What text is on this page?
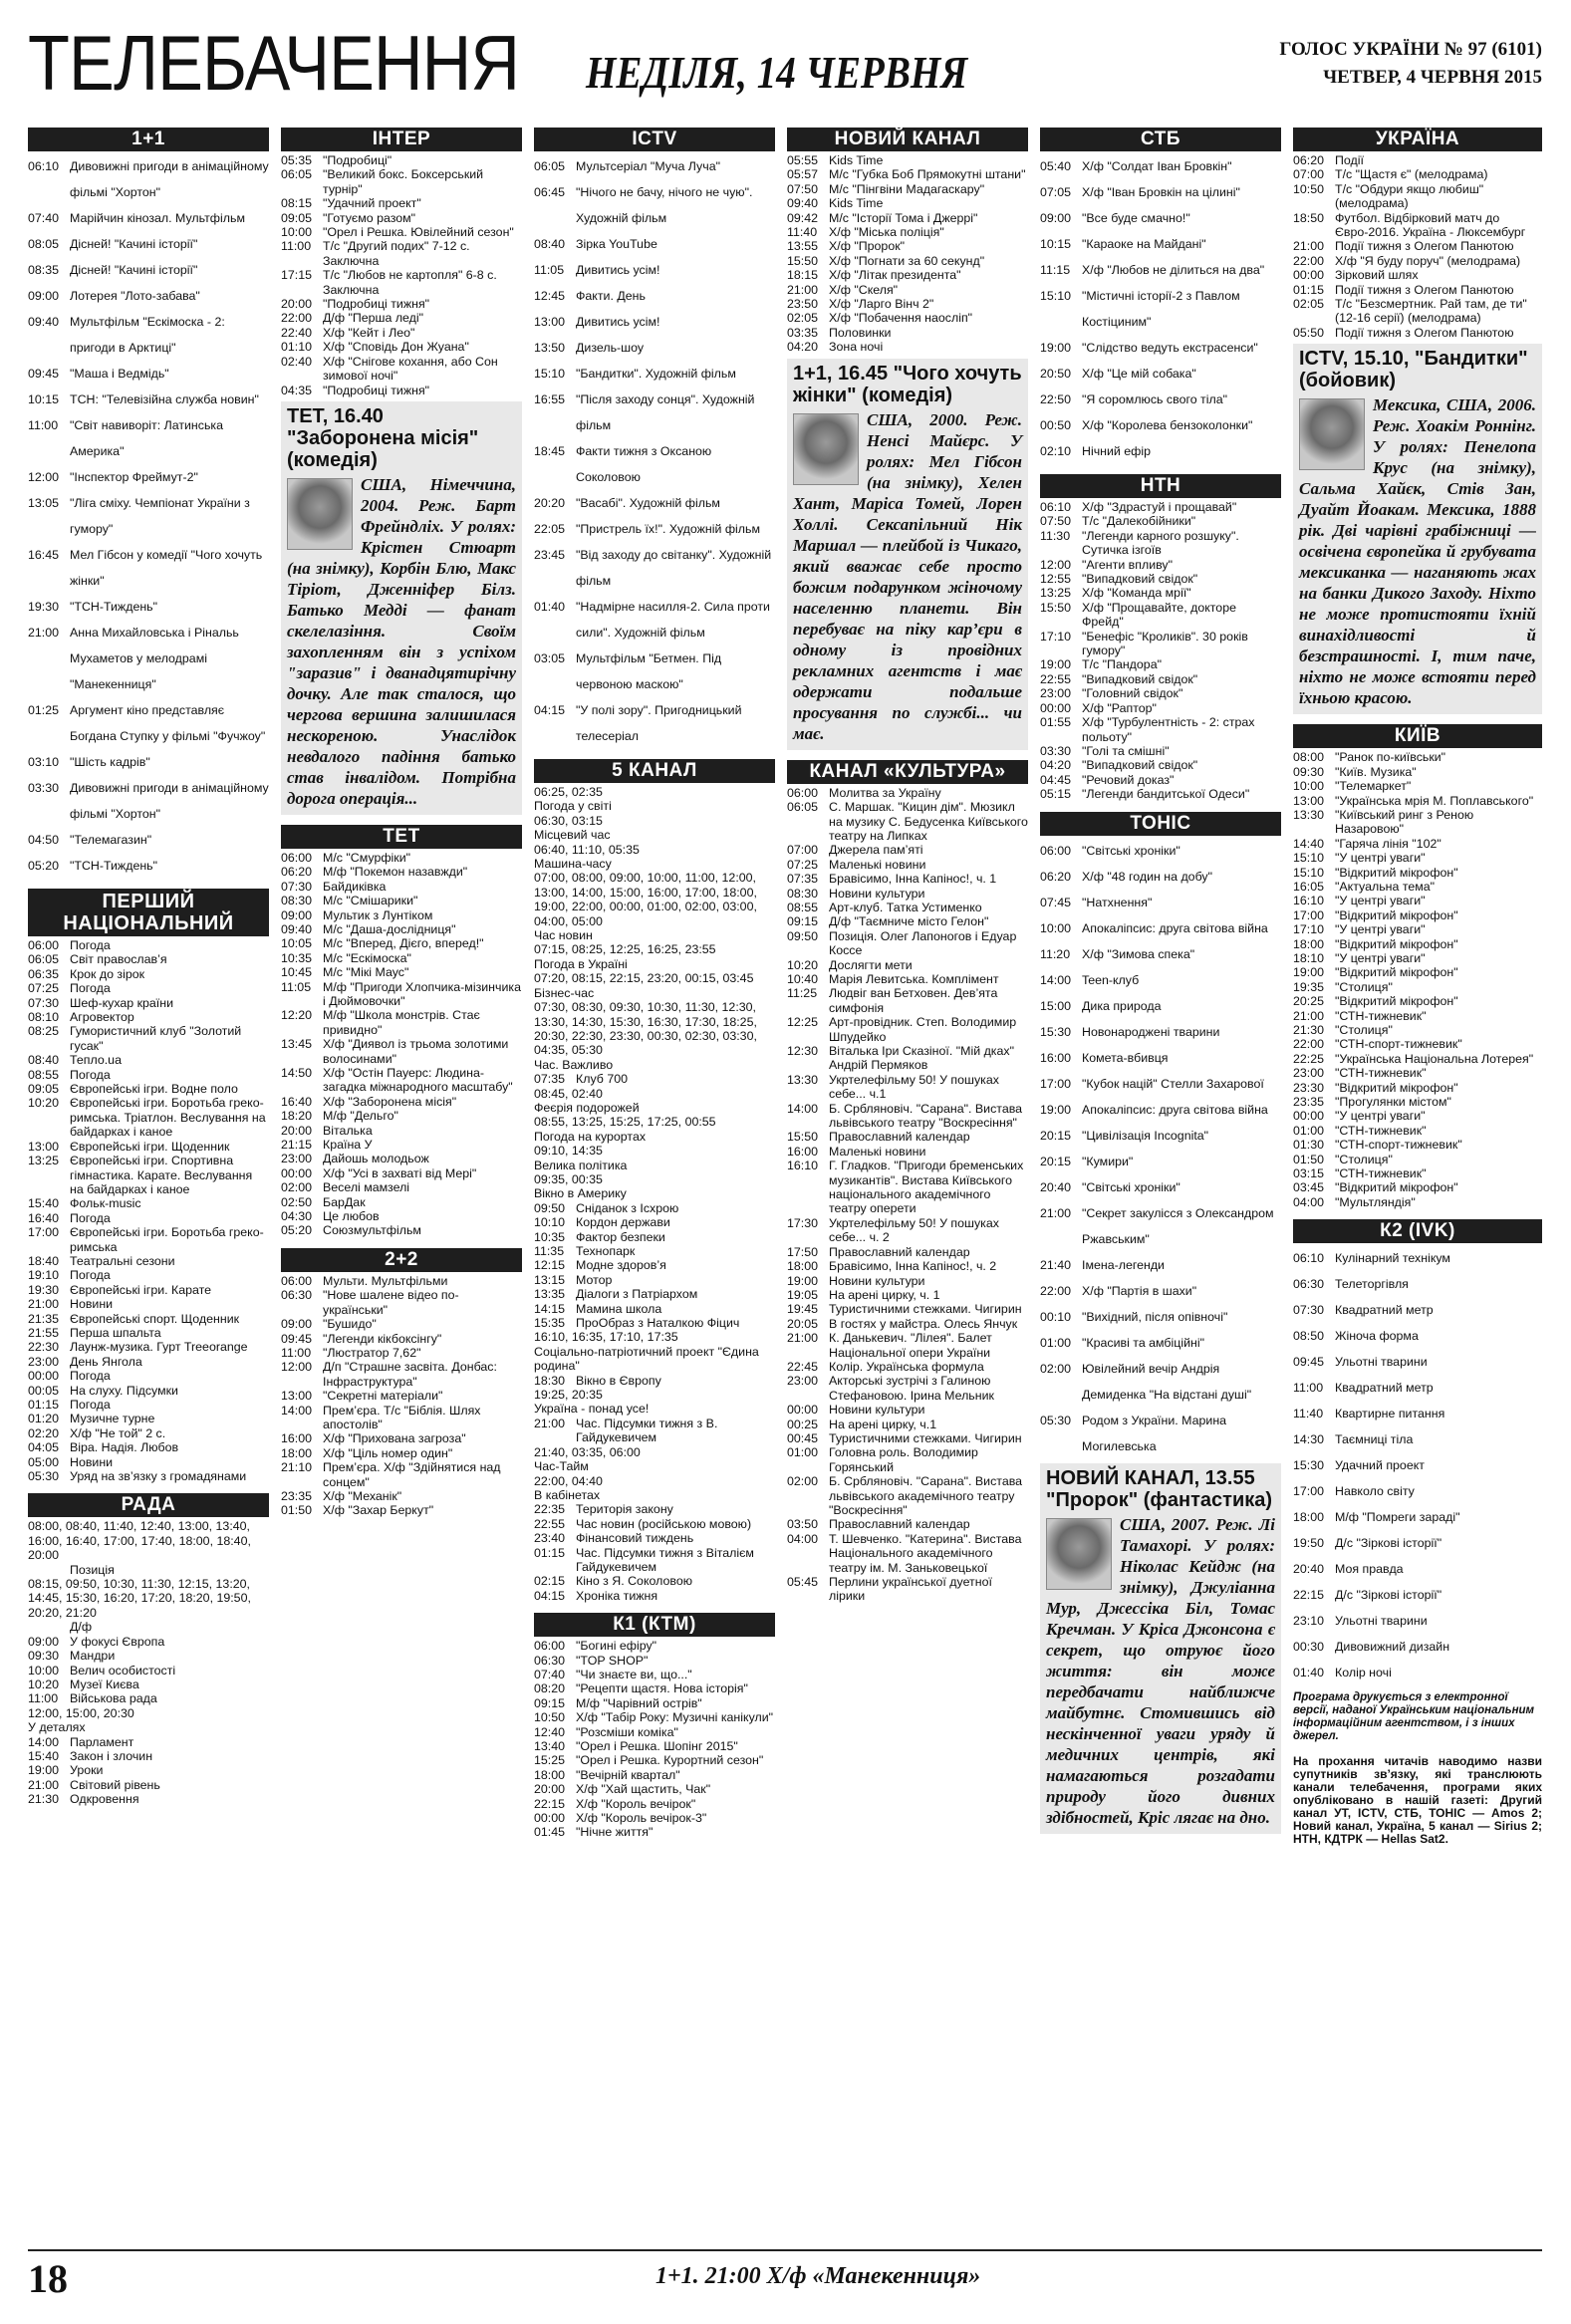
ТЕЛЕБАЧЕННЯ НЕДІЛЯ, 14 ЧЕРВНЯ	ГОЛОС УКРАЇНИ № 97 (6101)
ЧЕТВЕР, 4 ЧЕРВНЯ 2015
1+1
06:10 Дивовижні пригоди в анімаційному фільмі "Хортон"
07:40 Марійчин кінозал. Мультфільм
08:05 Дісней! "Качині історії"
08:35 Дісней! "Качині історії"
09:00 Лотерея "Лото-забава"
09:40 Мультфільм "Ескімоска - 2: пригоди в Арктиці"
09:45 "Маша і Ведмідь"
10:15 ТСН: "Телевізійна служба новин"
11:00 "Світ навиворіт: Латинська Америка"
12:00 "Інспектор Фреймут-2"
13:05 "Ліга сміху. Чемпіонат України з гумору"
16:45 Мел Гібсон у комедії "Чого хочуть жінки"
19:30 "ТСН-Тиждень"
21:00 Анна Михайловська і Рінальь Мухаметов у мелодрамі "Манекенниця"
01:25 Аргумент кіно представляє Богдана Ступку у фільмі "Фучжоу"
03:10 "Шість кадрів"
03:30 Дивовижні пригоди в анімаційному фільмі "Хортон"
04:50 "Телемагазин"
05:20 "ТСН-Тиждень"
ПЕРШИЙ НАЦІОНАЛЬНИЙ
06:00 Погода
06:05 Світ православ’я
06:35 Крок до зірок
07:25 Погода
07:30 Шеф-кухар країни
08:10 Агровектор
08:25 Гумористичний клуб "Золотий гусак"
08:40 Тепло.ua
08:55 Погода
09:05 Європейські ігри. Водне поло
10:20 Європейські ігри. Боротьба греко-римська. Тріатлон. Веслування на байдарках і каное
13:00 Європейські ігри. Щоденник
13:25 Європейські ігри. Спортивна гімнастика. Карате. Веслування на байдарках і каное
15:40 Фольк-music
16:40 Погода
17:00 Європейські ігри. Боротьба греко-римська
18:40 Театральні сезони
19:10 Погода
19:30 Європейські ігри. Карате
21:00 Новини
21:35 Європейські спорт. Щоденник
21:55 Перша шпальта
22:30 Лаунж-музика. Гурт Treeorange
23:00 День Янгола
00:00 Погода
00:05 На слуху. Підсумки
01:15 Погода
01:20 Музичне турне
02:20 Х/ф "Не той" 2 с.
04:05 Віра. Надія. Любов
05:00 Новини
05:30 Уряд на зв’язку з громадянами
РАДА
08:00, 08:40, 11:40, 12:40, 13:00, 13:40, 16:00, 16:40, 17:00, 17:40, 18:00, 18:40, 20:00
Позиція
08:15, 09:50, 10:30, 11:30, 12:15, 13:20, 14:45, 15:30, 16:20, 17:20, 18:20, 19:50, 20:20, 21:20
Д/ф
09:00 У фокусі Європа
09:30 Мандри
10:00 Велич особистості
10:20 Музеї Києва
11:00 Військова рада
12:00, 15:00, 20:30
У деталях
14:00 Парламент
15:40 Закон і злочин
19:00 Уроки
21:00 Світовий рівень
21:30 Одкровення
ІНТЕР
05:35 "Подробиці"
06:05 "Великий бокс. Боксерський турнір"
08:15 "Удачний проект"
09:05 "Готуємо разом"
10:00 "Орел і Решка. Ювілейний сезон"
11:00 Т/с "Другий подих" 7-12 с. Заключна
17:15 Т/с "Любов не картопля" 6-8 с. Заключна
20:00 "Подробиці тижня"
22:00 Д/ф "Перша леді"
22:40 Х/ф "Кейт і Лео"
01:10 Х/ф "Сповідь Дон Жуана"
02:40 Х/ф "Снігове кохання, або Сон зимової ночі"
04:35 "Подробиці тижня"
ТЕТ, 16.40 "Заборонена місія" (комедія)
США, Німеччина, 2004. Реж. Барт Фрейндліх. У ролях: Крістен Стюарт (на знімку), Корбін Блю, Макс Тіріот, Дженніфер Білз. Батько Медді — фанат скелелазіння. Своїм захопленням він з успіхом "заразив" і дванадцятирічну дочку. Але так сталося, що чергова вершина залишилася нескореною. Унаслідок невдалого падіння батько став інвалідом. Потрібна дорога операція...
ТЕТ
06:00 М/с "Смурфіки"
06:20 М/ф "Покемон назавжди"
07:30 Байдиківка
08:30 М/с "Смішарики"
09:00 Мультик з Лунтіком
09:40 М/с "Даша-дослідниця"
10:05 М/с "Вперед, Дієго, вперед!"
10:35 М/с "Ескімоска"
10:45 М/с "Мікі Маус"
11:05 М/ф "Пригоди Хлопчика-мізинчика і Дюймовочки"
12:20 М/ф "Школа монстрів. Стає привидно"
13:45 Х/ф "Диявол із трьома золотими волосинами"
14:50 Х/ф "Остін Пауерс: Людина-загадка міжнародного масштабу"
16:40 Х/ф "Заборонена місія"
18:20 М/ф "Дельго"
20:00 Віталька
21:15 Країна У
23:00 Дайошь молодьож
00:00 Х/ф "Усі в захваті від Мері"
02:00 Веселі мамзелі
02:50 БарДак
04:30 Це любов
05:20 Союзмультфільм
2+2
06:00 Мульти. Мультфільми
06:30 "Нове шалене відео по-українськи"
09:00 "Бушидо"
09:45 "Легенди кікбоксінгу"
11:00 "Люстратор 7,62"
12:00 Д/п "Страшне засвіта. Донбас: Інфраструктура"
13:00 "Секретні матеріали"
14:00 Прем’єра. Т/с "Біблія. Шлях апостолів"
16:00 Х/ф "Прихована загроза"
18:00 Х/ф "Ціль номер один"
21:10 Прем’єра. Х/ф "Здійнятися над сонцем"
23:35 Х/ф "Механік"
01:50 Х/ф "Захар Беркут"
ICTV
06:05 Мультсеріал "Муча Луча"
06:45 "Нічого не бачу, нічого не чую". Художній фільм
08:40 Зірка YouTube
11:05 Дивитись усім!
12:45 Факти. День
13:00 Дивитись усім!
13:50 Дизель-шоу
15:10 "Бандитки". Художній фільм
16:55 "Після заходу сонця". Художній фільм
18:45 Факти тижня з Оксаною Соколовою
20:20 "Васабі". Художній фільм
22:05 "Пристрель їх!". Художній фільм
23:45 "Від заходу до світанку". Художній фільм
01:40 "Надмірне насилля-2. Сила проти сили". Художній фільм
03:05 Мультфільм "Бетмен. Під червоною маскою"
04:15 "У полі зору". Пригодницький телесеріал
5 КАНАЛ
06:25, 02:35
Погода у світі
06:30, 03:15
Місцевий час
06:40, 11:10, 05:35
Машина-часу
07:00, 08:00, 09:00, 10:00, 11:00, 12:00, 13:00, 14:00, 15:00, 16:00, 17:00, 18:00, 19:00, 22:00, 00:00, 01:00, 02:00, 03:00, 04:00, 05:00
Час новин
07:15, 08:25, 12:25, 16:25, 23:55
Погода в Україні
07:20, 08:15, 22:15, 23:20, 00:15, 03:45
Бізнес-час
07:30, 08:30, 09:30, 10:30, 11:30, 12:30, 13:30, 14:30, 15:30, 16:30, 17:30, 18:25, 20:30, 22:30, 23:30, 00:30, 02:30, 03:30, 04:35, 05:30
Час. Важливо
07:35 Клуб 700
08:45, 02:40
Феєрія подорожей
08:55, 13:25, 15:25, 17:25, 00:55
Погода на курортах
09:10, 14:35
Велика політика
09:35, 00:35
Вікно в Америку
09:50 Сніданок з Ісхрою
10:10 Кордон держави
10:35 Фактор безпеки
11:35 Технопарк
12:15 Модне здоров’я
13:15 Мотор
13:35 Діалоги з Патріархом
14:15 Мамина школа
15:35 ПроОбраз з Наталкою Фіцич
16:10, 16:35, 17:10, 17:35
Соціально-патріотичний проект "Єдина родина"
18:30 Вікно в Європу
19:25, 20:35
Україна - понад усе!
21:00 Час. Підсумки тижня з В. Гайдукевичем
21:40, 03:35, 06:00
Час-Тайм
22:00, 04:40
В кабінетах
22:35 Територія закону
22:55 Час новин (російською мовою)
23:40 Фінансовий тиждень
01:15 Час. Підсумки тижня з Віталієм Гайдукевичем
02:15 Кіно з Я. Соколовою
04:15 Хроніка тижня
К1 (КТМ)
06:00 "Богині ефіру"
06:30 "TOP SHOP"
07:40 "Чи знаєте ви, що..."
08:20 "Рецепти щастя. Нова історія"
09:15 М/ф "Чарівний острів"
10:50 Х/ф "Табір Року: Музичні канікули"
12:40 "Розсміши коміка"
13:40 "Орел і Решка. Шопінг 2015"
15:25 "Орел і Решка. Курортний сезон"
18:00 "Вечірній квартал"
20:00 Х/ф "Хай щастить, Чак"
22:15 Х/ф "Король вечірок"
00:00 Х/ф "Король вечірок-3"
01:45 "Нічне життя"
НОВИЙ КАНАЛ
05:55 Kids Time
05:57 М/с "Губка Боб Прямокутні штани"
07:50 М/с "Пінгвіни Мадагаскару"
09:40 Kids Time
09:42 М/с "Історії Тома і Джеррі"
11:40 Х/ф "Міська поліція"
13:55 Х/ф "Пророк"
15:50 Х/ф "Погнати за 60 секунд"
18:15 Х/ф "Літак президента"
21:00 Х/ф "Скеля"
23:50 Х/ф "Ларго Вінч 2"
02:05 Х/ф "Побачення наосліп"
03:35 Половинки
04:20 Зона ночі
1+1, 16.45 "Чого хочуть жінки" (комедія)
США, 2000. Реж. Ненсі Майєрс. У ролях: Мел Гібсон (на знімку), Хелен Хант, Маріса Томей, Лорен Холлі. Сексапільний Нік Маршал — плейбой із Чикаго, який вважає себе просто божим подарунком жіночому населенню планети. Він перебуває на піку кар’єри в одному із провідних рекламних агентств і має одержати подальше просування по службі... чи має.
КАНАЛ «КУЛЬТУРА»
06:00 Молитва за Україну
06:05 С. Маршак. "Кицин дім". Мюзикл на музику С. Бедусенка Київського театру на Липках
07:00 Джерела пам’яті
07:25 Маленькі новини
07:35 Бравісимо, Інна Капінос!, ч. 1
08:30 Новини культури
08:55 Арт-клуб. Татка Устименко
09:15 Д/ф "Таємниче місто Гелон"
09:50 Позиція. Олег Лапоногов і Едуар Коссе
10:20 Дослягти мети
10:40 Марія Левитська. Комплімент
11:25 Людвіг ван Бетховен. Дев’ята симфонія
12:25 Арт-провідник. Степ. Володимир Шпудейко
12:30 Віталька Іри Сказіної. "Мій дках" Андрій Пермяков
13:30 Укртелефільму 50! У пошуках себе... ч.1
14:00 Б. Србляновіч. "Сарана". Вистава львівського театру "Воскресіння"
15:50 Православний календар
16:00 Маленькі новини
16:10 Г. Гладков. "Пригоди бременських музикантів". Вистава Київського національного академічного театру оперети
17:30 Укртелефільму 50! У пошуках себе... ч. 2
17:50 Православний календар
18:00 Бравісимо, Інна Капінос!, ч. 2
19:00 Новини культури
19:05 На арені цирку, ч. 1
19:45 Туристичними стежками. Чигирин
20:05 В гостях у майстра. Олесь Янчук
21:00 К. Данькевич. "Лілея". Балет Національної опери України
22:45 Колір. Українська формула
23:00 Акторські зустрічі з Галиною Стефановою. Ірина Мельник
00:00 Новини культури
00:25 На арені цирку, ч.1
00:45 Туристичними стежками. Чигирин
01:00 Головна роль. Володимир Горянський
02:00 Б. Србляновіч. "Сарана". Вистава львівського академічного театру "Воскресіння"
03:50 Православний календар
04:00 Т. Шевченко. "Катерина". Вистава Національного академічного театру ім. М. Заньковецької
05:45 Перлини української дуетної лірики
СТБ
05:40 Х/ф "Солдат Іван Бровкін"
07:05 Х/ф "Іван Бровкін на цілині"
09:00 "Все буде смачно!"
10:15 "Караоке на Майдані"
11:15 Х/ф "Любов не ділиться на два"
15:10 "Містичні історії-2 з Павлом Костіциним"
19:00 "Слідство ведуть екстрасенси"
20:50 Х/ф "Це мій собака"
22:50 "Я соромлюсь свого тіла"
00:50 Х/ф "Королева бензоколонки"
02:10 Нічний ефір
НТН
06:10 Х/ф "Здрастуй і прощавай"
07:50 Т/с "Далекобійники"
11:30 "Легенди карного розшуку". Сутичка ізгоїв
12:00 "Агенти впливу"
12:55 "Випадковий свідок"
13:25 Х/ф "Команда мрії"
15:50 Х/ф "Прощавайте, докторе Фрейд"
17:10 "Бенефіс "Кроликів". 30 років гумору"
19:00 Т/с "Пандора"
22:55 "Випадковий свідок"
23:00 "Головний свідок"
00:00 Х/ф "Раптор"
01:55 Х/ф "Турбулентність - 2: страх польоту"
03:30 "Голі та смішні"
04:20 "Випадковий свідок"
04:45 "Речовий доказ"
05:15 "Легенди бандитської Одеси"
ТОНІС
06:00 "Світські хроніки"
06:20 Х/ф "48 годин на добу"
07:45 "Натхнення"
10:00 Апокаліпсис: друга світова війна
11:20 Х/ф "Зимова спека"
14:00 Teen-клуб
15:00 Дика природа
15:30 Новонароджені тварини
16:00 Комета-вбивця
17:00 "Кубок націй" Стелли Захарової
19:00 Апокаліпсис: друга світова війна
20:15 "Цивілізація Incognita"
20:15 "Кумири"
20:40 "Світські хроніки"
21:00 "Секрет закулісся з Олександром Ржавським"
21:40 Імена-легенди
22:00 Х/ф "Партія в шахи"
00:10 "Вихідний, після опівночі"
01:00 "Красиві та амбіційні"
02:00 Ювілейний вечір Андрія Демиденка "На відстані душі"
05:30 Родом з України. Марина Могилевська
НОВИЙ КАНАЛ, 13.55 "Пророк" (фантастика)
США, 2007. Реж. Лі Тамахорі. У ролях: Ніколас Кейдж (на знімку), Джуліанна Мур, Джессіка Біл, Томас Кречман. У Кріса Джонсона є секрет, що отруює його життя: він може передбачати найближче майбутнє. Стомившись від нескінченної уваги уряду й медичних центрів, які намагаються розгадати природу його дивних здібностей, Кріс лягає на дно.
УКРАЇНА
06:20 Події
07:00 Т/с "Щастя є" (мелодрама)
10:50 Т/с "Обдури якщо любиш" (мелодрама)
18:50 Футбол. Відбірковий матч до Євро-2016. Україна - Люксембург
21:00 Події тижня з Олегом Панютою
22:00 Х/ф "Я буду поруч" (мелодрама)
00:00 Зірковий шлях
01:15 Події тижня з Олегом Панютою
02:05 Т/с "Безсмертник. Рай там, де ти" (12-16 серії) (мелодрама)
05:50 Події тижня з Олегом Панютою
ICTV, 15.10, "Бандитки" (бойовик)
Мексика, США, 2006. Реж. Хоакім Роннінг. У ролях: Пенелопа Крус (на знімку), Сальма Хайєк, Стів Зан, Дуайт Йоакам. Мексика, 1888 рік. Дві чарівні грабіжниці — освічена європейка й грубувата мексиканка — наганяють жах на банки Дикого Заходу. Ніхто не може протистояти їхній винахідливості й безстрашності. І, тим паче, ніхто не може встояти перед їхньою красою.
КИЇВ
08:00 "Ранок по-київськи"
09:30 "Київ. Музика"
10:00 "Телемаркет"
13:00 "Українська мрія М. Поплавського"
13:30 "Київський ринг з Реною Назаровою"
14:40 "Гаряча лінія "102"
15:10 "У центрі уваги"
15:10 "Відкритий мікрофон"
16:05 "Актуальна тема"
16:10 "У центрі уваги"
17:00 "Відкритий мікрофон"
17:10 "У центрі уваги"
18:00 "Відкритий мікрофон"
18:10 "У центрі уваги"
19:00 "Відкритий мікрофон"
19:35 "Столиця"
20:25 "Відкритий мікрофон"
21:00 "СТН-тижневик"
21:30 "Столиця"
22:00 "СТН-спорт-тижневик"
22:25 "Українська Національна Лотерея"
23:00 "СТН-тижневик"
23:30 "Відкритий мікрофон"
23:35 "Прогулянки містом"
00:00 "У центрі уваги"
01:00 "СТН-тижневик"
01:30 "СТН-спорт-тижневик"
01:50 "Столиця"
03:15 "СТН-тижневик"
03:45 "Відкритий мікрофон"
04:00 "Мультляндія"
К2 (IVK)
06:10 Кулінарний технікум
06:30 Телеторгівля
07:30 Квадратний метр
08:50 Жіноча форма
09:45 Ульотні тварини
11:00 Квадратний метр
11:40 Квартирне питання
14:30 Таємниці тіла
15:30 Удачний проект
17:00 Навколо світу
18:00 М/ф "Помреги зараді"
19:50 Д/с "Зіркові історії"
20:40 Моя правда
22:15 Д/с "Зіркові історії"
23:10 Ульотні тварини
00:30 Дивовижний дизайн
01:40 Колір ночі
Програма друкується з електронної версії, наданої Українським національним інформаційним агентством, і з інших джерел.
На прохання читачів наводимо назви супутників зв’язку, які транслюють канали телебачення, програми яких опубліковано в нашій газеті: Другий канал УТ, ICTV, СТБ, ТОНІС — Amos 2; Новий канал, Україна, 5 канал — Sirius 2; НТН, КДТРК — Hellas Sat2.
18	1+1. 21:00 Х/ф «Манекенниця»
